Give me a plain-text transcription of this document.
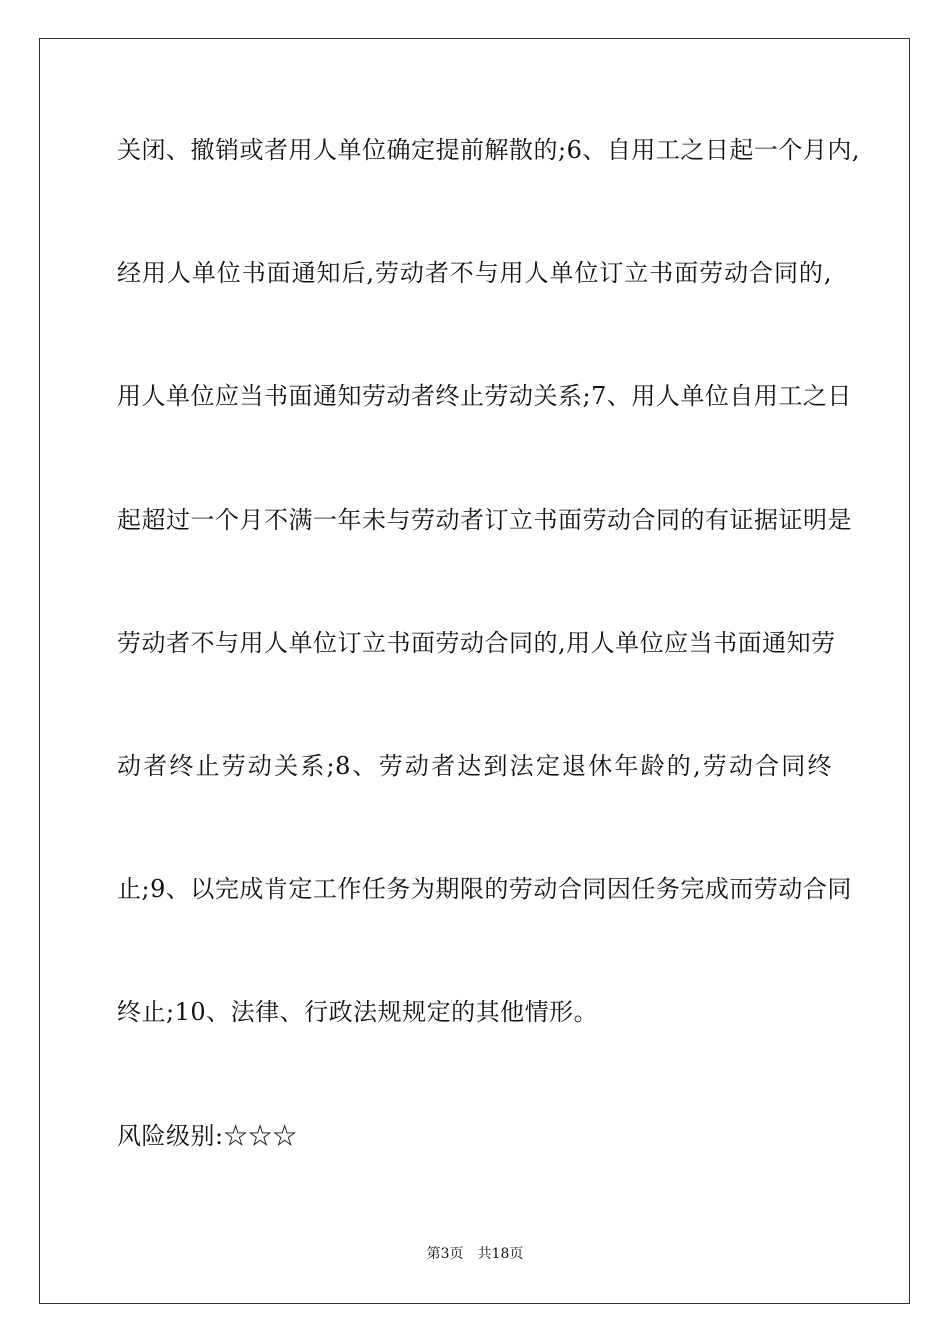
关闭、撤销或者用人单位确定提前解散的;6、自用工之日起一个月内,
经用人单位书面通知后,劳动者不与用人单位订立书面劳动合同的,
用人单位应当书面通知劳动者终止劳动关系;7、用人单位自用工之日
起超过一个月不满一年未与劳动者订立书面劳动合同的有证据证明是
劳动者不与用人单位订立书面劳动合同的,用人单位应当书面通知劳
动者终止劳动关系;8、劳动者达到法定退休年龄的,劳动合同终
止;9、以完成肯定工作任务为期限的劳动合同因任务完成而劳动合同
终止;10、法律、行政法规规定的其他情形。
风险级别:☆☆☆
第3页 共18页
